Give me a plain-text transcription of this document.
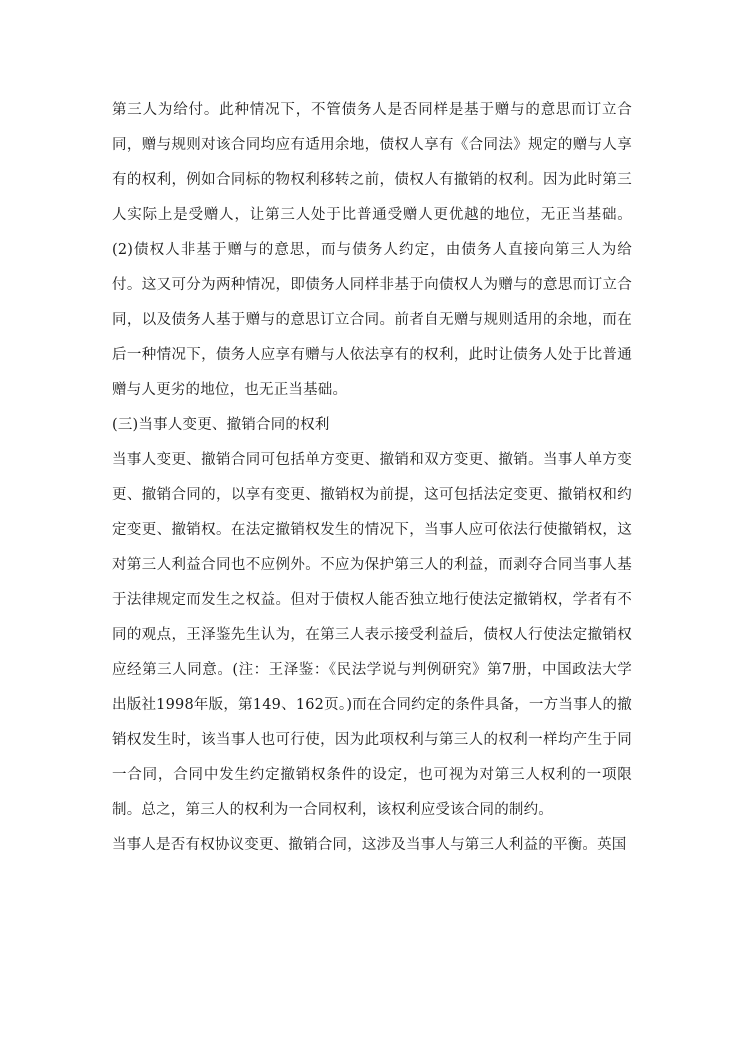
第三人为给付。此种情况下，不管债务人是否同样是基于赠与的意思而订立合同，赠与规则对该合同均应有适用余地，债权人享有《合同法》规定的赠与人享有的权利，例如合同标的物权利移转之前，债权人有撤销的权利。因为此时第三人实际上是受赠人，让第三人处于比普通受赠人更优越的地位，无正当基础。(2)债权人非基于赠与的意思，而与债务人约定，由债务人直接向第三人为给付。这又可分为两种情况，即债务人同样非基于向债权人为赠与的意思而订立合同，以及债务人基于赠与的意思订立合同。前者自无赠与规则适用的余地，而在后一种情况下，债务人应享有赠与人依法享有的权利，此时让债务人处于比普通赠与人更劣的地位，也无正当基础。

(三)当事人变更、撤销合同的权利

当事人变更、撤销合同可包括单方变更、撤销和双方变更、撤销。当事人单方变更、撤销合同的，以享有变更、撤销权为前提，这可包括法定变更、撤销权和约定变更、撤销权。在法定撤销权发生的情况下，当事人应可依法行使撤销权，这对第三人利益合同也不应例外。不应为保护第三人的利益，而剥夺合同当事人基于法律规定而发生之权益。但对于债权人能否独立地行使法定撤销权，学者有不同的观点，王泽鉴先生认为，在第三人表示接受利益后，债权人行使法定撤销权应经第三人同意。(注：王泽鉴：《民法学说与判例研究》第7册，中国政法大学出版社1998年版，第149、162页。)而在合同约定的条件具备，一方当事人的撤销权发生时，该当事人也可行使，因为此项权利与第三人的权利一样均产生于同一合同，合同中发生约定撤销权条件的设定，也可视为对第三人权利的一项限制。总之，第三人的权利为一合同权利，该权利应受该合同的制约。

当事人是否有权协议变更、撤销合同，这涉及当事人与第三人利益的平衡。英国
